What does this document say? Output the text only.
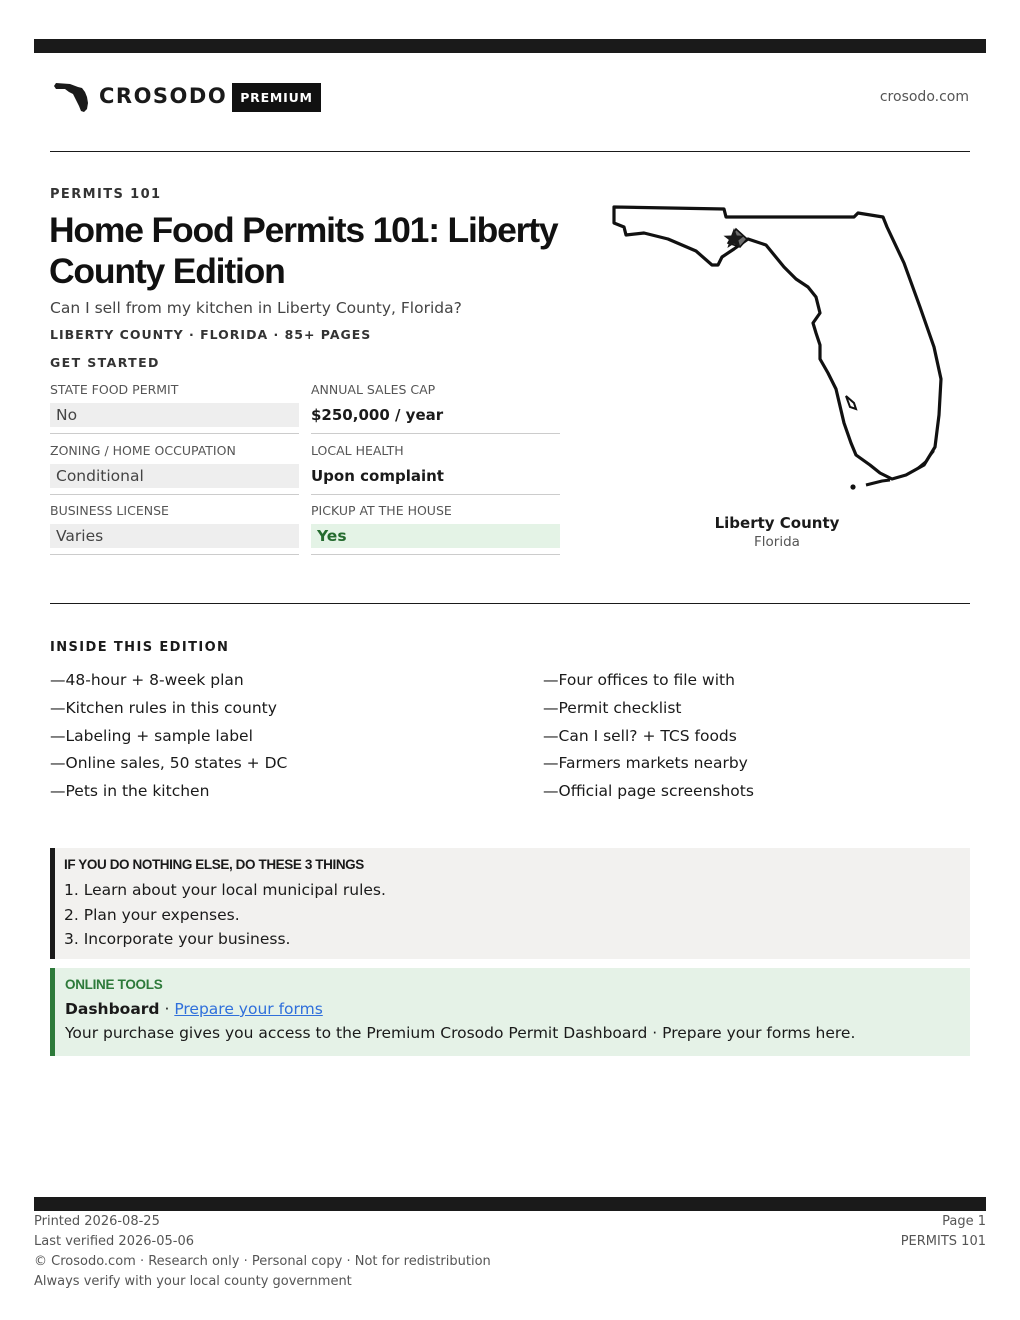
CROSODO	PREMIUM	crosodo.com
PERMITS 101
Home Food Permits 101: Liberty County Edition

Can I sell from my kitchen in Liberty County, Florida?

LIBERTY COUNTY · FLORIDA · 85+ PAGES
GET STARTED
STATE FOOD PERMIT
No
ANNUAL SALES CAP
$250,000 / year
ZONING / HOME OCCUPATION
Conditional
LOCAL HEALTH
Upon complaint
BUSINESS LICENSE
Varies
PICKUP AT THE HOUSE
Yes
Liberty County
Florida
INSIDE THIS EDITION
—48-hour + 8-week plan
—Kitchen rules in this county
—Labeling + sample label
—Online sales, 50 states + DC
—Pets in the kitchen
—Four offices to file with
—Permit checklist
—Can I sell? + TCS foods
—Farmers markets nearby
—Official page screenshots
IF YOU DO NOTHING ELSE, DO THESE 3 THINGS
1. Learn about your local municipal rules.
2. Plan your expenses.
3. Incorporate your business.
ONLINE TOOLS
Dashboard · Prepare your forms
Your purchase gives you access to the Premium Crosodo Permit Dashboard · Prepare your forms here.
Printed 2026-08-25
Last verified 2026-05-06
© Crosodo.com · Research only · Personal copy · Not for redistribution
Always verify with your local county government
Page 1
PERMITS 101
